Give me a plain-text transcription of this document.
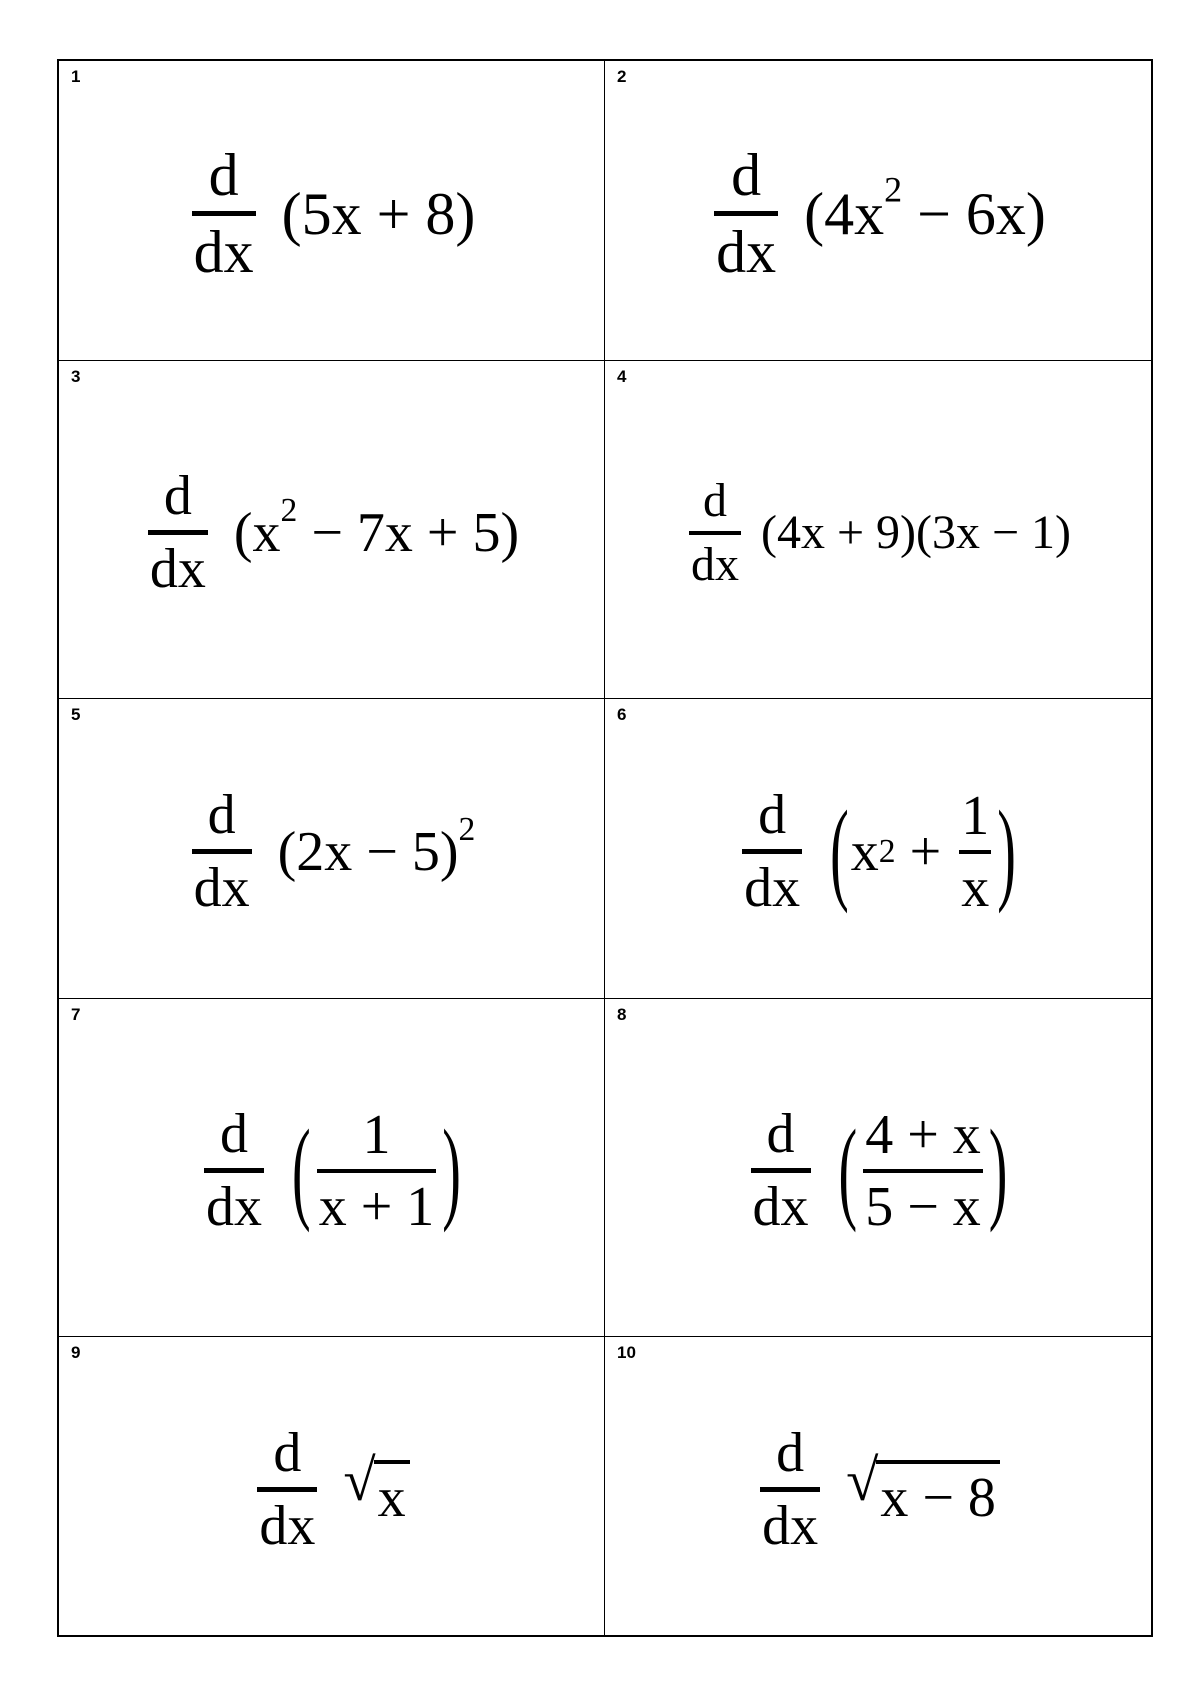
1
$\frac{d}{dx} (5x + 8)$
2
$\frac{d}{dx} (4x^2 - 6x)$
3
$\frac{d}{dx} (x^2 - 7x + 5)$
4
$\frac{d}{dx} (4x + 9)(3x - 1)$
5
$\frac{d}{dx} (2x - 5)^2$
6
$\frac{d}{dx}$ ( x $2 + \frac{1}{x}$ )
7
$\frac{d}{dx}$ ( $\frac{1}{x + 1}$ )
8
$\frac{d}{dx}$ ( $\frac{4 + x}{5 - x}$ )
9
$\frac{d}{dx}$ √ x
10
$\frac{d}{dx}$ √ x − 8
